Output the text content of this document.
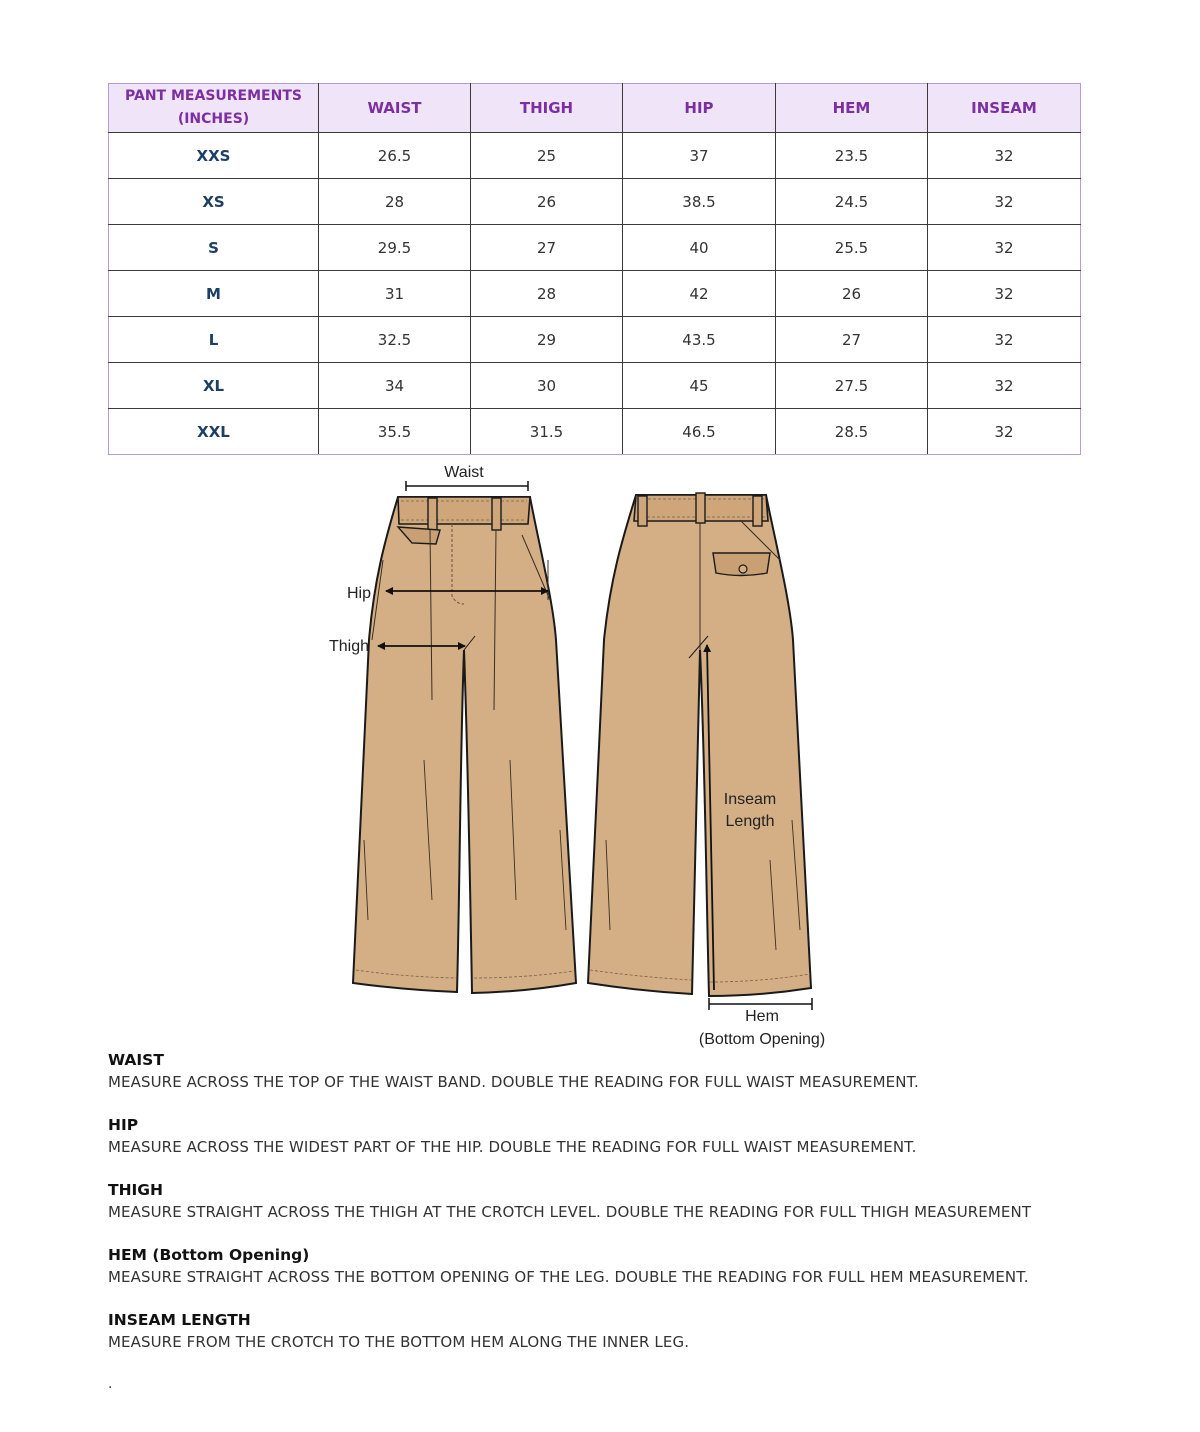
PANT MEASUREMENTS
(INCHES)	WAIST	THIGH	HIP	HEM	INSEAM
XXS	26.5	25	37	23.5	32
XS	28	26	38.5	24.5	32
S	29.5	27	40	25.5	32
M	31	28	42	26	32
L	32.5	29	43.5	27	32
XL	34	30	45	27.5	32
XXL	35.5	31.5	46.5	28.5	32
Waist
Hip
Thigh
Inseam
Length
Hem
(Bottom Opening)
WAIST
MEASURE ACROSS THE TOP OF THE WAIST BAND. DOUBLE THE READING FOR FULL WAIST MEASUREMENT.
HIP
MEASURE ACROSS THE WIDEST PART OF THE HIP. DOUBLE THE READING FOR FULL WAIST MEASUREMENT.
THIGH
MEASURE STRAIGHT ACROSS THE THIGH AT THE CROTCH LEVEL. DOUBLE THE READING FOR FULL THIGH MEASUREMENT
HEM (Bottom Opening)
MEASURE STRAIGHT ACROSS THE BOTTOM OPENING OF THE LEG. DOUBLE THE READING FOR FULL HEM MEASUREMENT.
INSEAM LENGTH
MEASURE FROM THE CROTCH TO THE BOTTOM HEM ALONG THE INNER LEG.
.
